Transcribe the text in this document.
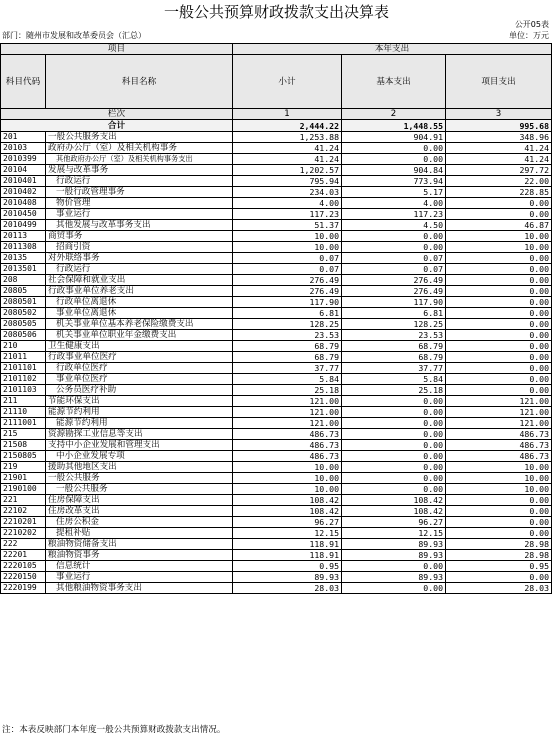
一般公共预算财政拨款支出决算表
公开05表
部门：随州市发展和改革委员会（汇总）	单位：万元
项目		本年支出		
科目代码	科目名称	小计	基本支出	项目支出
栏次		1	2	3
合计		2,444.22	1,448.55	995.68
201	一般公共服务支出	1,253.88	904.91	348.96
20103	政府办公厅（室）及相关机构事务	41.24	0.00	41.24
2010399	其他政府办公厅（室）及相关机构事务支出	41.24	0.00	41.24
20104	发展与改革事务	1,202.57	904.84	297.72
2010401	行政运行	795.94	773.94	22.00
2010402	一般行政管理事务	234.03	5.17	228.85
2010408	物价管理	4.00	4.00	0.00
2010450	事业运行	117.23	117.23	0.00
2010499	其他发展与改革事务支出	51.37	4.50	46.87
20113	商贸事务	10.00	0.00	10.00
2011308	招商引资	10.00	0.00	10.00
20135	对外联络事务	0.07	0.07	0.00
2013501	行政运行	0.07	0.07	0.00
208	社会保障和就业支出	276.49	276.49	0.00
20805	行政事业单位养老支出	276.49	276.49	0.00
2080501	行政单位离退休	117.90	117.90	0.00
2080502	事业单位离退休	6.81	6.81	0.00
2080505	机关事业单位基本养老保险缴费支出	128.25	128.25	0.00
2080506	机关事业单位职业年金缴费支出	23.53	23.53	0.00
210	卫生健康支出	68.79	68.79	0.00
21011	行政事业单位医疗	68.79	68.79	0.00
2101101	行政单位医疗	37.77	37.77	0.00
2101102	事业单位医疗	5.84	5.84	0.00
2101103	公务员医疗补助	25.18	25.18	0.00
211	节能环保支出	121.00	0.00	121.00
21110	能源节约利用	121.00	0.00	121.00
2111001	能源节约利用	121.00	0.00	121.00
215	资源勘探工业信息等支出	486.73	0.00	486.73
21508	支持中小企业发展和管理支出	486.73	0.00	486.73
2150805	中小企业发展专项	486.73	0.00	486.73
219	援助其他地区支出	10.00	0.00	10.00
21901	一般公共服务	10.00	0.00	10.00
2190100	一般公共服务	10.00	0.00	10.00
221	住房保障支出	108.42	108.42	0.00
22102	住房改革支出	108.42	108.42	0.00
2210201	住房公积金	96.27	96.27	0.00
2210202	提租补贴	12.15	12.15	0.00
222	粮油物资储备支出	118.91	89.93	28.98
22201	粮油物资事务	118.91	89.93	28.98
2220105	信息统计	0.95	0.00	0.95
2220150	事业运行	89.93	89.93	0.00
2220199	其他粮油物资事务支出	28.03	0.00	28.03
注：本表反映部门本年度一般公共预算财政拨款支出情况。
